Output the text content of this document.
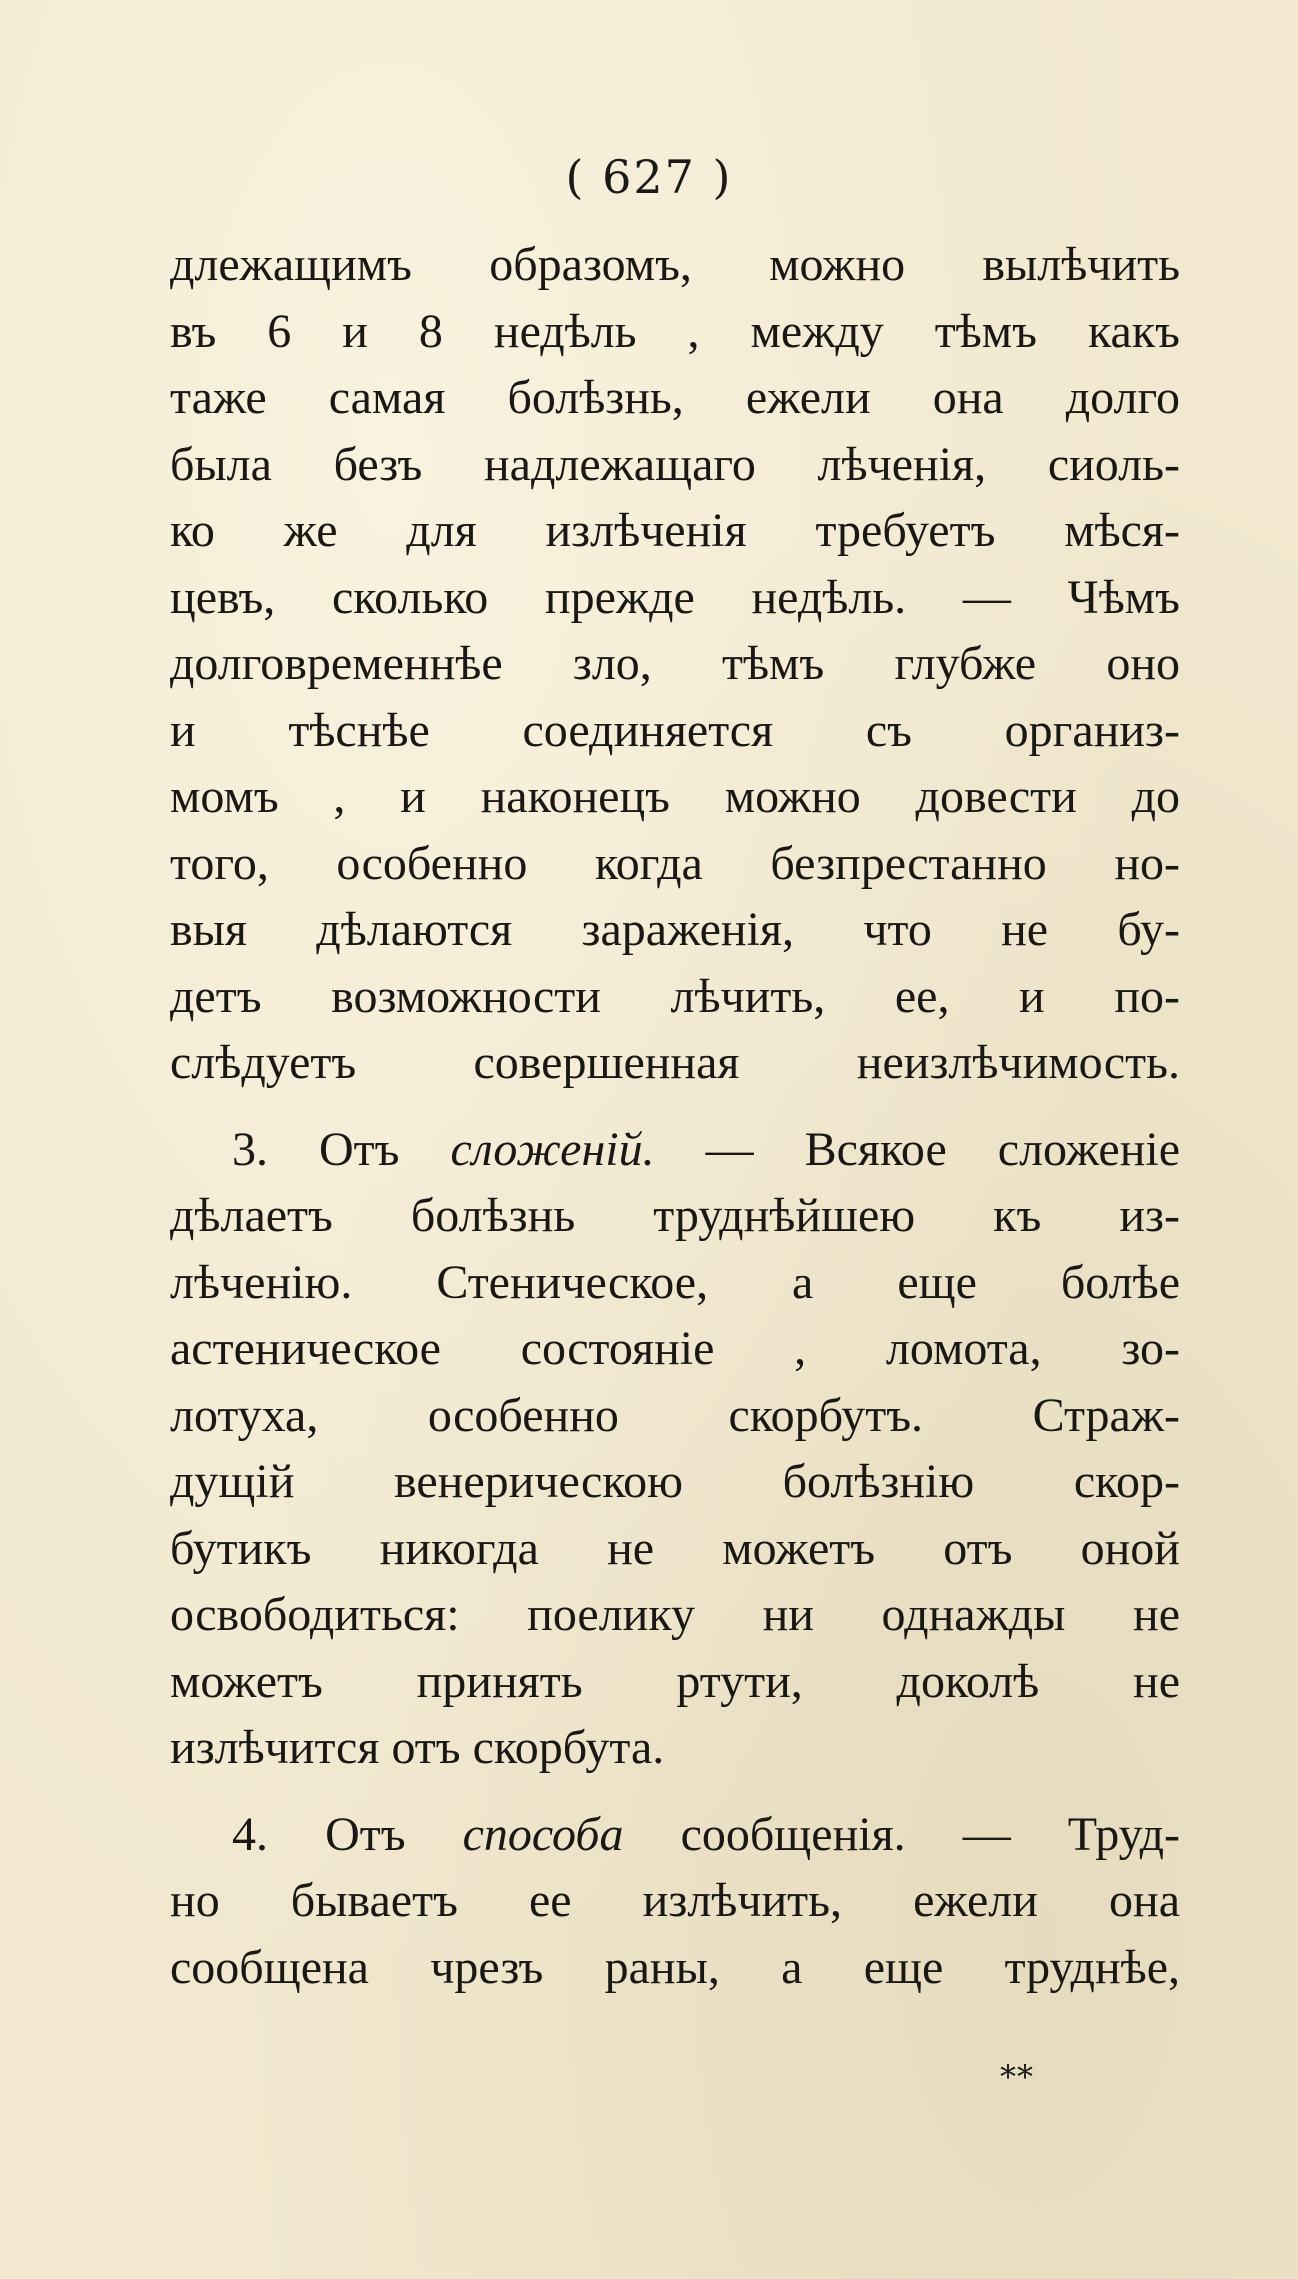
( 627 )
длежащимъ образомъ, можно вылѣчить
въ 6 и 8 недѣль , между тѣмъ какъ
таже самая болѣзнь, ежели она долго
была безъ надлежащаго лѣченiя, сиоль-
ко же для излѣченiя требуетъ мѣся-
цевъ, сколько прежде недѣль. — Чѣмъ
долговременнѣе зло, тѣмъ глубже оно
и тѣснѣе соединяется съ организ-
момъ , и наконецъ можно довести до
того, особенно когда безпрестанно но-
выя дѣлаются зараженiя, что не бу-
детъ возможности лѣчить, ее, и по-
слѣдуетъ совершенная неизлѣчимость.
3. Отъ сложенiй. — Всякое сложенiе
дѣлаетъ болѣзнь труднѣйшею къ из-
лѣченiю. Стеническое, а еще болѣе
астеническое состоянiе , ломота, зо-
лотуха, особенно скорбутъ. Страж-
дущiй венерическою болѣзнiю скор-
бутикъ никогда не можетъ отъ оной
освободиться: поелику ни однажды не
можетъ принять ртути, доколѣ не
излѣчится отъ скорбута.
4. Отъ способа сообщенiя. — Труд-
но бываетъ ее излѣчить, ежели она
сообщена чрезъ раны, а еще труднѣе,
**
